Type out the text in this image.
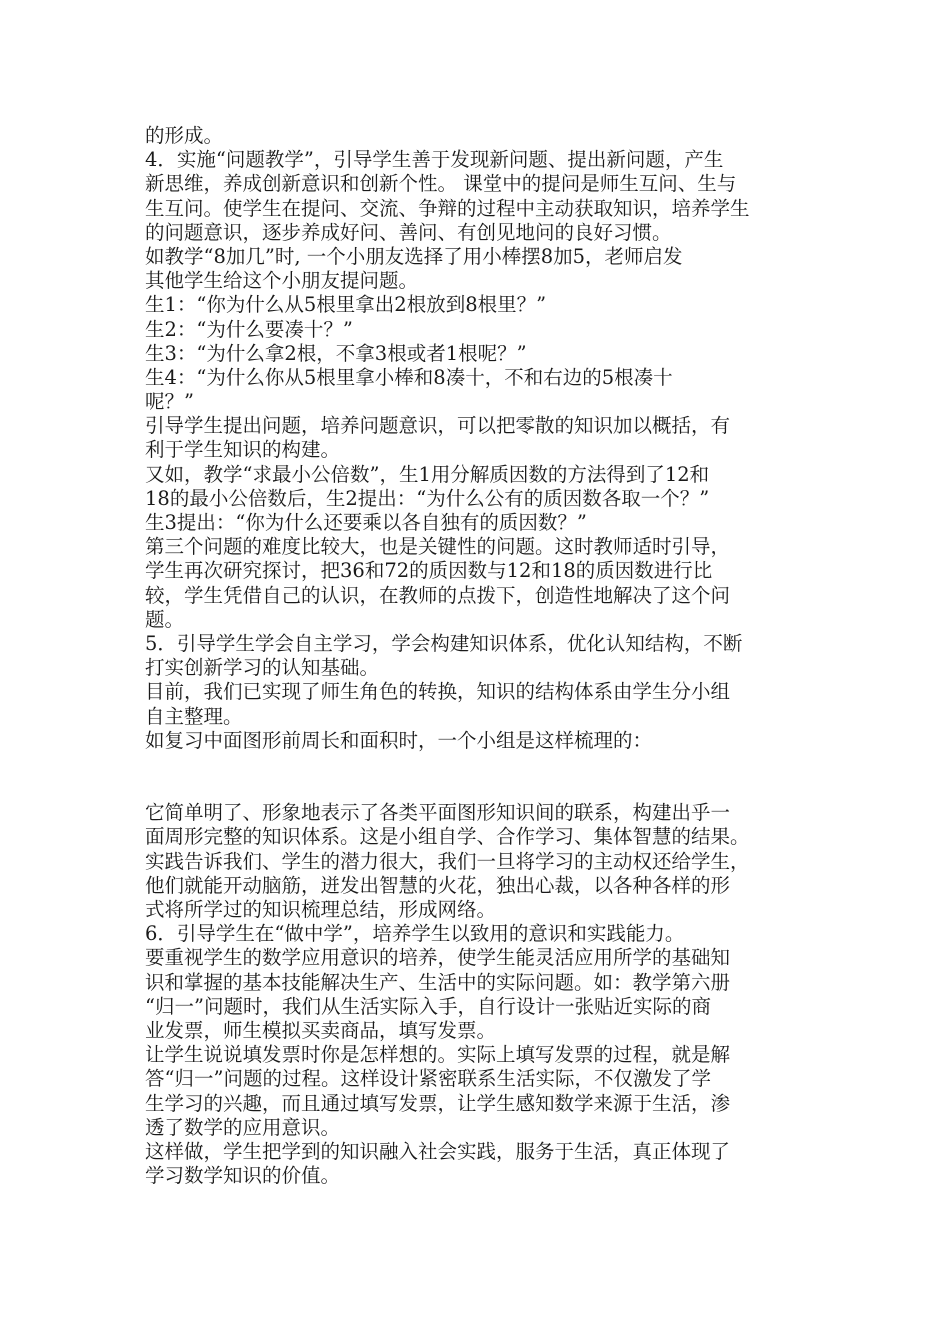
的形成。
4．实施“问题教学”，引导学生善于发现新问题、提出新问题，产生
新思维，养成创新意识和创新个性。 课堂中的提问是师生互问、生与
生互问。使学生在提问、交流、争辩的过程中主动获取知识，培养学生
的问题意识，逐步养成好问、善问、有创见地问的良好习惯。
如教学“8加几”时, 一个小朋友选择了用小棒摆8加5，老师启发
其他学生给这个小朋友提问题。
生1：“你为什么从5根里拿出2根放到8根里？”
生2：“为什么要凑十？”
生3：“为什么拿2根，不拿3根或者1根呢？”
生4：“为什么你从5根里拿小棒和8凑十，不和右边的5根凑十
呢？”
引导学生提出问题，培养问题意识，可以把零散的知识加以概括，有
利于学生知识的构建。
又如，教学“求最小公倍数”，生1用分解质因数的方法得到了12和
18的最小公倍数后，生2提出：“为什么公有的质因数各取一个？”
生3提出：“你为什么还要乘以各自独有的质因数？”
第三个问题的难度比较大，也是关键性的问题。这时教师适时引导，
学生再次研究探讨，把36和72的质因数与12和18的质因数进行比
较，学生凭借自己的认识，在教师的点拨下，创造性地解决了这个问
题。
5．引导学生学会自主学习，学会构建知识体系，优化认知结构，不断
打实创新学习的认知基础。
目前，我们已实现了师生角色的转换，知识的结构体系由学生分小组
自主整理。
如复习中面图形前周长和面积时，一个小组是这样梳理的：
它简单明了、形象地表示了各类平面图形知识间的联系，构建出乎一
面周形完整的知识体系。这是小组自学、合作学习、集体智慧的结果。
实践告诉我们、学生的潜力很大，我们一旦将学习的主动权还给学生，
他们就能开动脑筋，迸发出智慧的火花，独出心裁，以各种各样的形
式将所学过的知识梳理总结，形成网络。
6．引导学生在“做中学”，培养学生以致用的意识和实践能力。
要重视学生的数学应用意识的培养，使学生能灵活应用所学的基础知
识和掌握的基本技能解决生产、生活中的实际问题。如：教学第六册
“归一”问题时，我们从生活实际入手，自行设计一张贴近实际的商
业发票，师生模拟买卖商品，填写发票。
让学生说说填发票时你是怎样想的。实际上填写发票的过程，就是解
答“归一”问题的过程。这样设计紧密联系生活实际，不仅激发了学
生学习的兴趣，而且通过填写发票，让学生感知数学来源于生活，渗
透了数学的应用意识。
这样做，学生把学到的知识融入社会实践，服务于生活，真正体现了
学习数学知识的价值。
